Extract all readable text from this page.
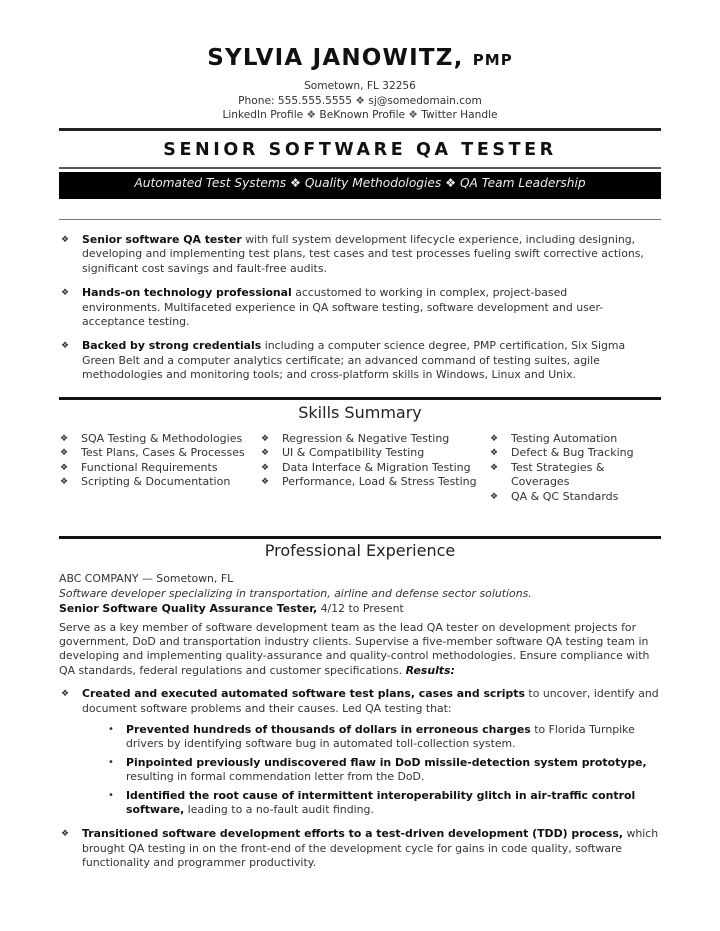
SYLVIA JANOWITZ, PMP
Sometown, FL 32256
Phone: 555.555.5555 ❖ sj@somedomain.com
LinkedIn Profile ❖ BeKnown Profile ❖ Twitter Handle
SENIOR SOFTWARE QA TESTER
Automated Test Systems ❖ Quality Methodologies ❖ QA Team Leadership
❖ Senior software QA tester with full system development lifecycle experience, including designing, developing and implementing test plans, test cases and test processes fueling swift corrective actions, significant cost savings and fault-free audits.
❖ Hands-on technology professional accustomed to working in complex, project-based environments. Multifaceted experience in QA software testing, software development and user-acceptance testing.
❖ Backed by strong credentials including a computer science degree, PMP certification, Six Sigma Green Belt and a computer analytics certificate; an advanced command of testing suites, agile methodologies and monitoring tools; and cross-platform skills in Windows, Linux and Unix.
Skills Summary
❖ SQA Testing & Methodologies
❖ Test Plans, Cases & Processes
❖ Functional Requirements
❖ Scripting & Documentation
❖ Regression & Negative Testing
❖ UI & Compatibility Testing
❖ Data Interface & Migration Testing
❖ Performance, Load & Stress Testing
❖ Testing Automation
❖ Defect & Bug Tracking
❖ Test Strategies & Coverages
❖ QA & QC Standards
Professional Experience
ABC COMPANY — Sometown, FL
Software developer specializing in transportation, airline and defense sector solutions.
Senior Software Quality Assurance Tester, 4/12 to Present
Serve as a key member of software development team as the lead QA tester on development projects for government, DoD and transportation industry clients. Supervise a five-member software QA testing team in developing and implementing quality-assurance and quality-control methodologies. Ensure compliance with QA standards, federal regulations and customer specifications. Results:
❖ Created and executed automated software test plans, cases and scripts to uncover, identify and document software problems and their causes. Led QA testing that:
• Prevented hundreds of thousands of dollars in erroneous charges to Florida Turnpike drivers by identifying software bug in automated toll-collection system.
• Pinpointed previously undiscovered flaw in DoD missile-detection system prototype, resulting in formal commendation letter from the DoD.
• Identified the root cause of intermittent interoperability glitch in air-traffic control software, leading to a no-fault audit finding.
❖ Transitioned software development efforts to a test-driven development (TDD) process, which brought QA testing in on the front-end of the development cycle for gains in code quality, software functionality and programmer productivity.
